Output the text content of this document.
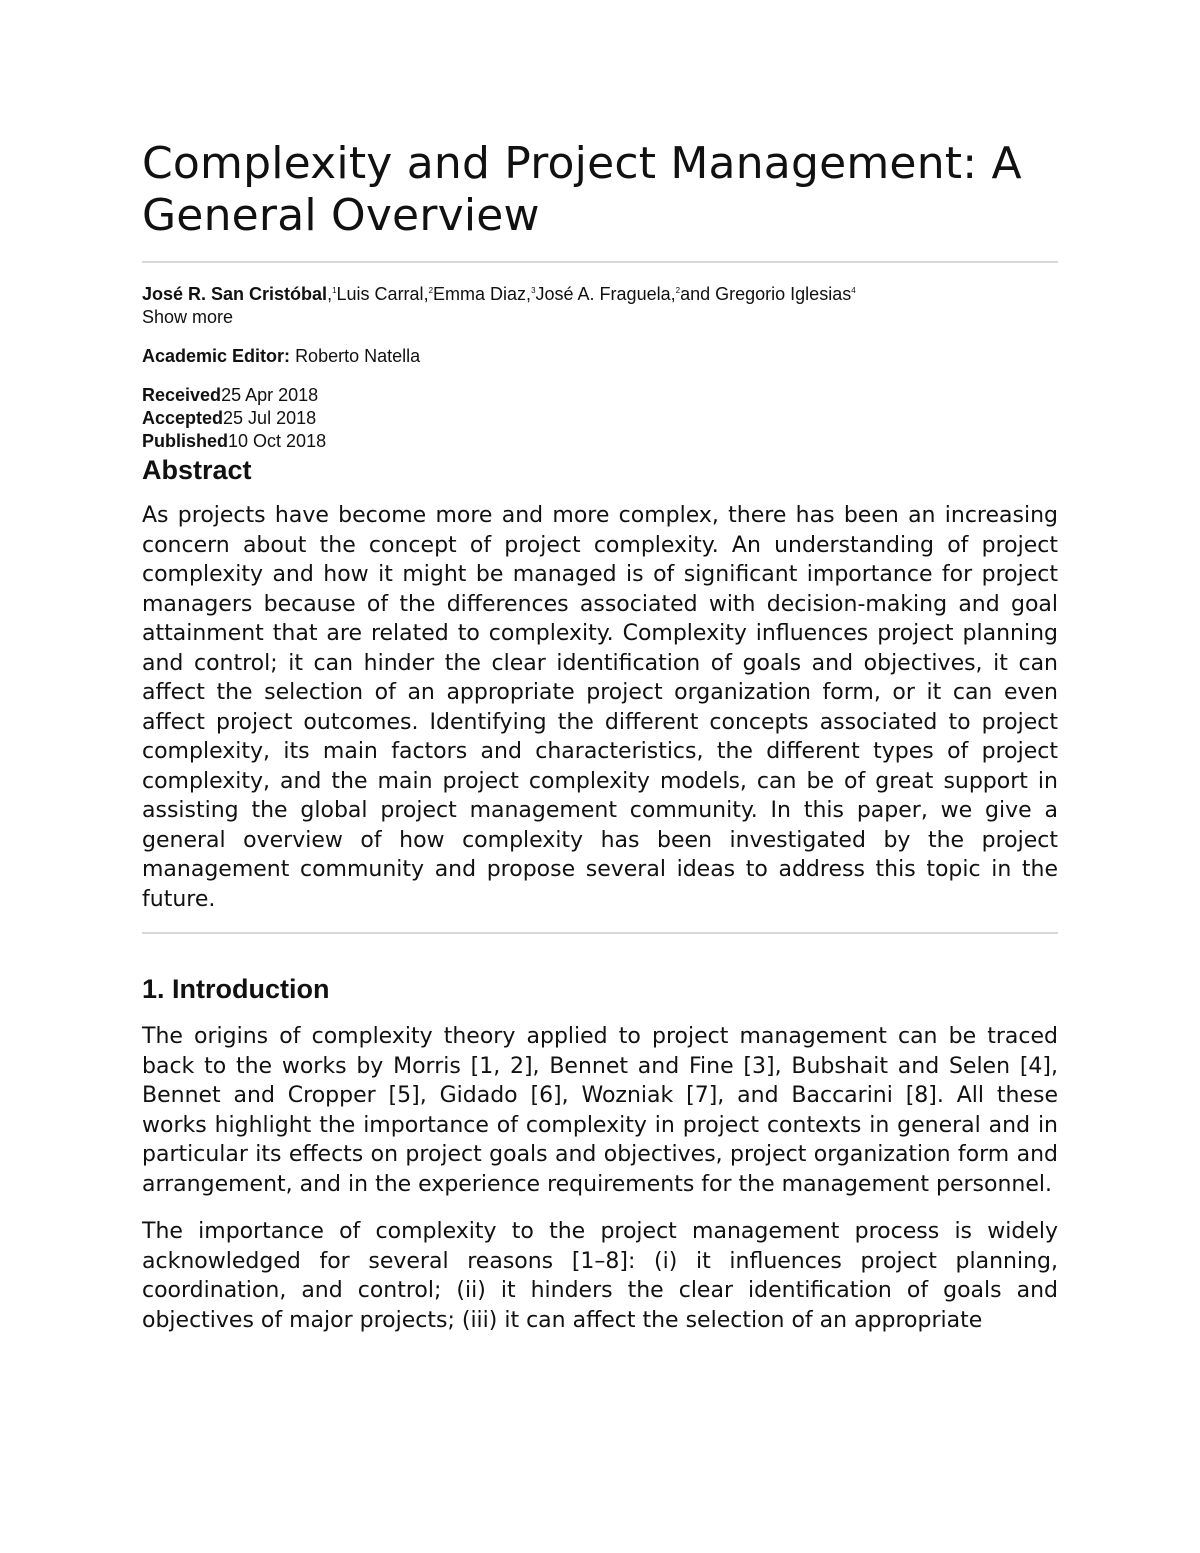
Complexity and Project Management: A General Overview
José R. San Cristóbal,$^1$Luis Carral,$^2$Emma Diaz,$^3$José A. Fraguela,$^2$and Gregorio Iglesias$^4$
Show more
Academic Editor: Roberto Natella
Received25 Apr 2018
Accepted25 Jul 2018
Published10 Oct 2018
Abstract

As projects have become more and more complex, there has been an increasing concern about the concept of project complexity. An understanding of project complexity and how it might be managed is of significant importance for project managers because of the differences associated with decision-making and goal attainment that are related to complexity. Complexity influences project planning and control; it can hinder the clear identification of goals and objectives, it can affect the selection of an appropriate project organization form, or it can even affect project outcomes. Identifying the different concepts associated to project complexity, its main factors and characteristics, the different types of project complexity, and the main project complexity models, can be of great support in assisting the global project management community. In this paper, we give a general overview of how complexity has been investigated by the project management community and propose several ideas to address this topic in the future.

1. Introduction

The origins of complexity theory applied to project management can be traced back to the works by Morris [1, 2], Bennet and Fine [3], Bubshait and Selen [4], Bennet and Cropper [5], Gidado [6], Wozniak [7], and Baccarini [8]. All these works highlight the importance of complexity in project contexts in general and in particular its effects on project goals and objectives, project organization form and arrangement, and in the experience requirements for the management personnel.

The importance of complexity to the project management process is widely acknowledged for several reasons [1–8]: (i) it influences project planning, coordination, and control; (ii) it hinders the clear identification of goals and objectives of major projects; (iii) it can affect the selection of an appropriate
